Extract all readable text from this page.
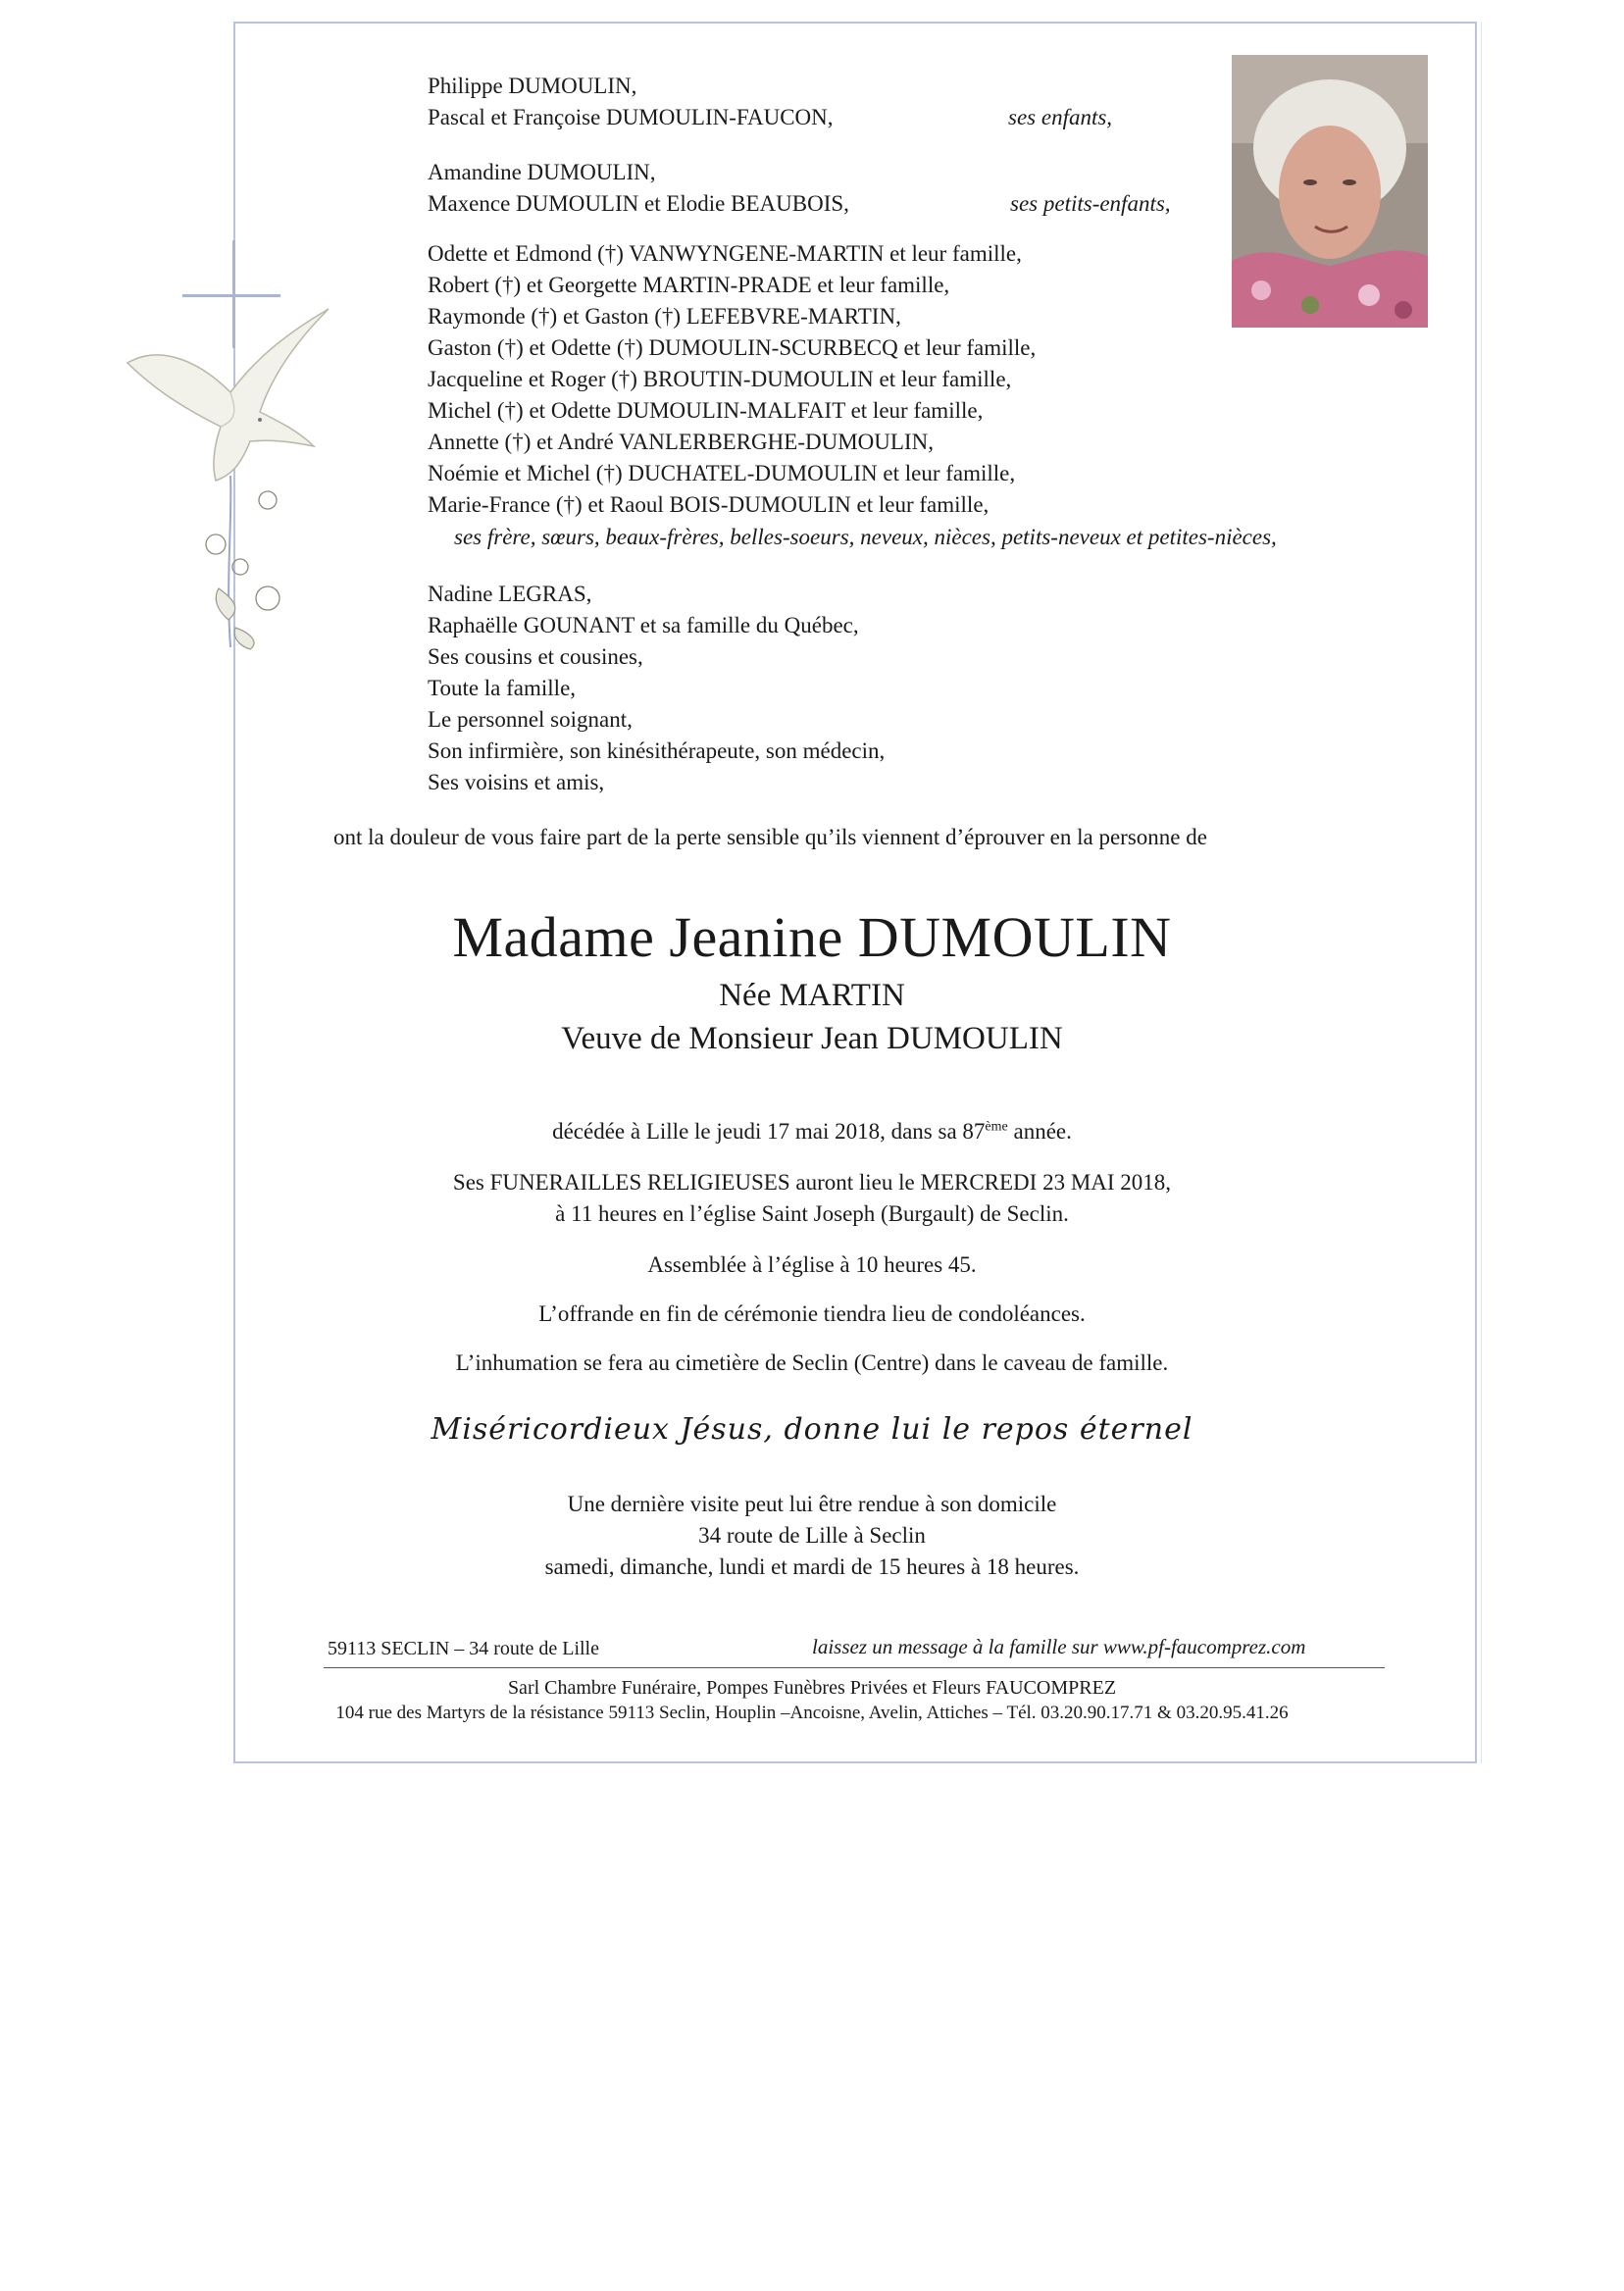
Philippe DUMOULIN,
Pascal et Françoise DUMOULIN-FAUCON,	ses enfants,
Amandine DUMOULIN,
Maxence DUMOULIN et Elodie BEAUBOIS,	ses petits-enfants,
Odette et Edmond (†) VANWYNGENE-MARTIN et leur famille,
Robert (†) et Georgette MARTIN-PRADE et leur famille,
Raymonde (†) et Gaston (†) LEFEBVRE-MARTIN,
Gaston (†) et Odette (†) DUMOULIN-SCURBECQ et leur famille,
Jacqueline et Roger (†) BROUTIN-DUMOULIN et leur famille,
Michel (†) et Odette DUMOULIN-MALFAIT et leur famille,
Annette (†) et André VANLERBERGHE-DUMOULIN,
Noémie et Michel (†) DUCHATEL-DUMOULIN et leur famille,
Marie-France (†) et Raoul BOIS-DUMOULIN et leur famille,
ses frère, sœurs, beaux-frères, belles-soeurs, neveux, nièces, petits-neveux et petites-nièces,
Nadine LEGRAS,
Raphaëlle GOUNANT et sa famille du Québec,
Ses cousins et cousines,
Toute la famille,
Le personnel soignant,
Son infirmière, son kinésithérapeute, son médecin,
Ses voisins et amis,
ont la douleur de vous faire part de la perte sensible qu’ils viennent d’éprouver en la personne de
Madame Jeanine DUMOULIN
Née MARTIN
Veuve de Monsieur Jean DUMOULIN
décédée à Lille le jeudi 17 mai 2018, dans sa 87ème année.
Ses FUNERAILLES RELIGIEUSES auront lieu le MERCREDI 23 MAI 2018,
à 11 heures en l’église Saint Joseph (Burgault) de Seclin.
Assemblée à l’église à 10 heures 45.
L’offrande en fin de cérémonie tiendra lieu de condoléances.
L’inhumation se fera au cimetière de Seclin (Centre) dans le caveau de famille.
Miséricordieux Jésus, donne lui le repos éternel
Une dernière visite peut lui être rendue à son domicile
34 route de Lille à Seclin
samedi, dimanche, lundi et mardi de 15 heures à 18 heures.
59113 SECLIN – 34 route de Lille	laissez un message à la famille sur www.pf-faucomprez.com
Sarl Chambre Funéraire, Pompes Funèbres Privées et Fleurs FAUCOMPREZ
104 rue des Martyrs de la résistance 59113 Seclin, Houplin –Ancoisne, Avelin, Attiches – Tél. 03.20.90.17.71 & 03.20.95.41.26
